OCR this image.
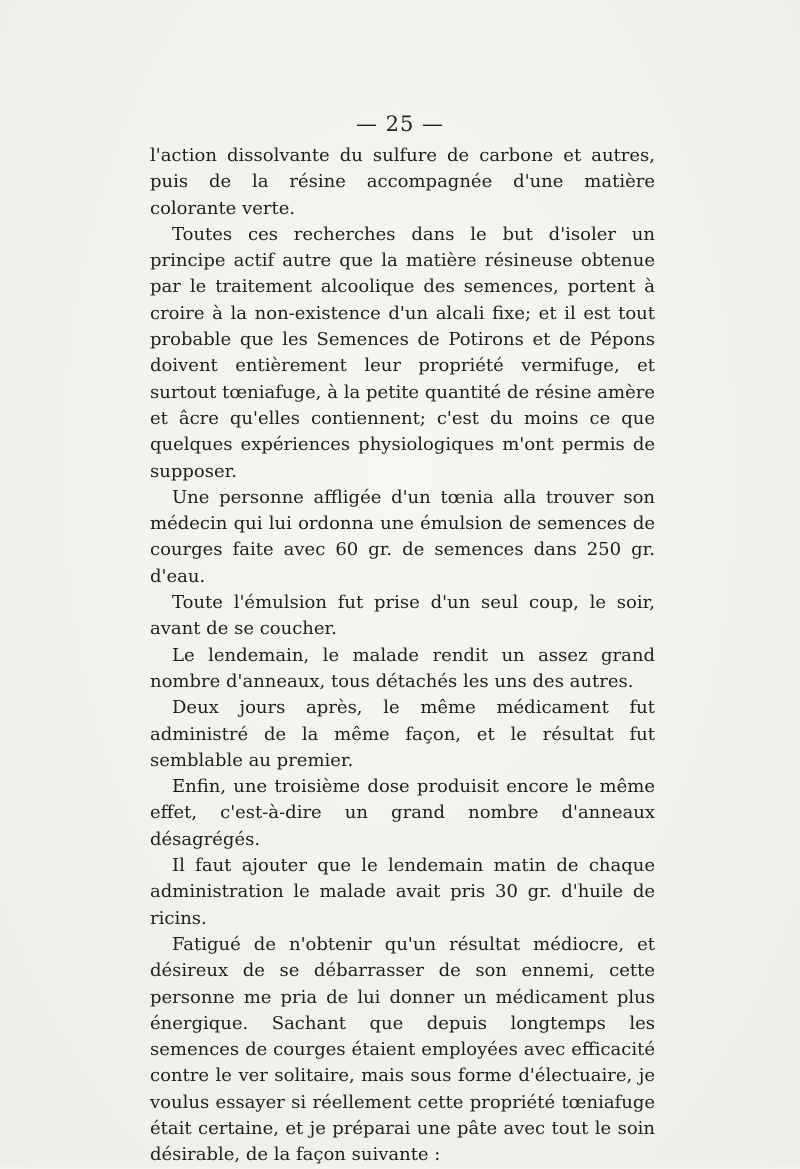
— 25 —

l'action dissolvante du sulfure de carbone et autres, puis de la résine accompagnée d'une matière colorante verte.

Toutes ces recherches dans le but d'isoler un principe actif autre que la matière résineuse obtenue par le traitement alcoolique des semences, portent à croire à la non-existence d'un alcali fixe; et il est tout probable que les Semences de Potirons et de Pépons doivent entièrement leur propriété vermifuge, et surtout tœniafuge, à la petite quantité de résine amère et âcre qu'elles contiennent; c'est du moins ce que quelques expériences physiologiques m'ont permis de supposer.

Une personne affligée d'un tœnia alla trouver son médecin qui lui ordonna une émulsion de semences de courges faite avec 60 gr. de semences dans 250 gr. d'eau.

Toute l'émulsion fut prise d'un seul coup, le soir, avant de se coucher.

Le lendemain, le malade rendit un assez grand nombre d'anneaux, tous détachés les uns des autres.

Deux jours après, le même médicament fut administré de la même façon, et le résultat fut semblable au premier.

Enfin, une troisième dose produisit encore le même effet, c'est-à-dire un grand nombre d'anneaux désagrégés.

Il faut ajouter que le lendemain matin de chaque administration le malade avait pris 30 gr. d'huile de ricins.

Fatigué de n'obtenir qu'un résultat médiocre, et désireux de se débarrasser de son ennemi, cette personne me pria de lui donner un médicament plus énergique. Sachant que depuis longtemps les semences de courges étaient employées avec efficacité contre le ver solitaire, mais sous forme d'électuaire, je voulus essayer si réellement cette propriété tœniafuge était certaine, et je préparai une pâte avec tout le soin désirable, de la façon suivante :
